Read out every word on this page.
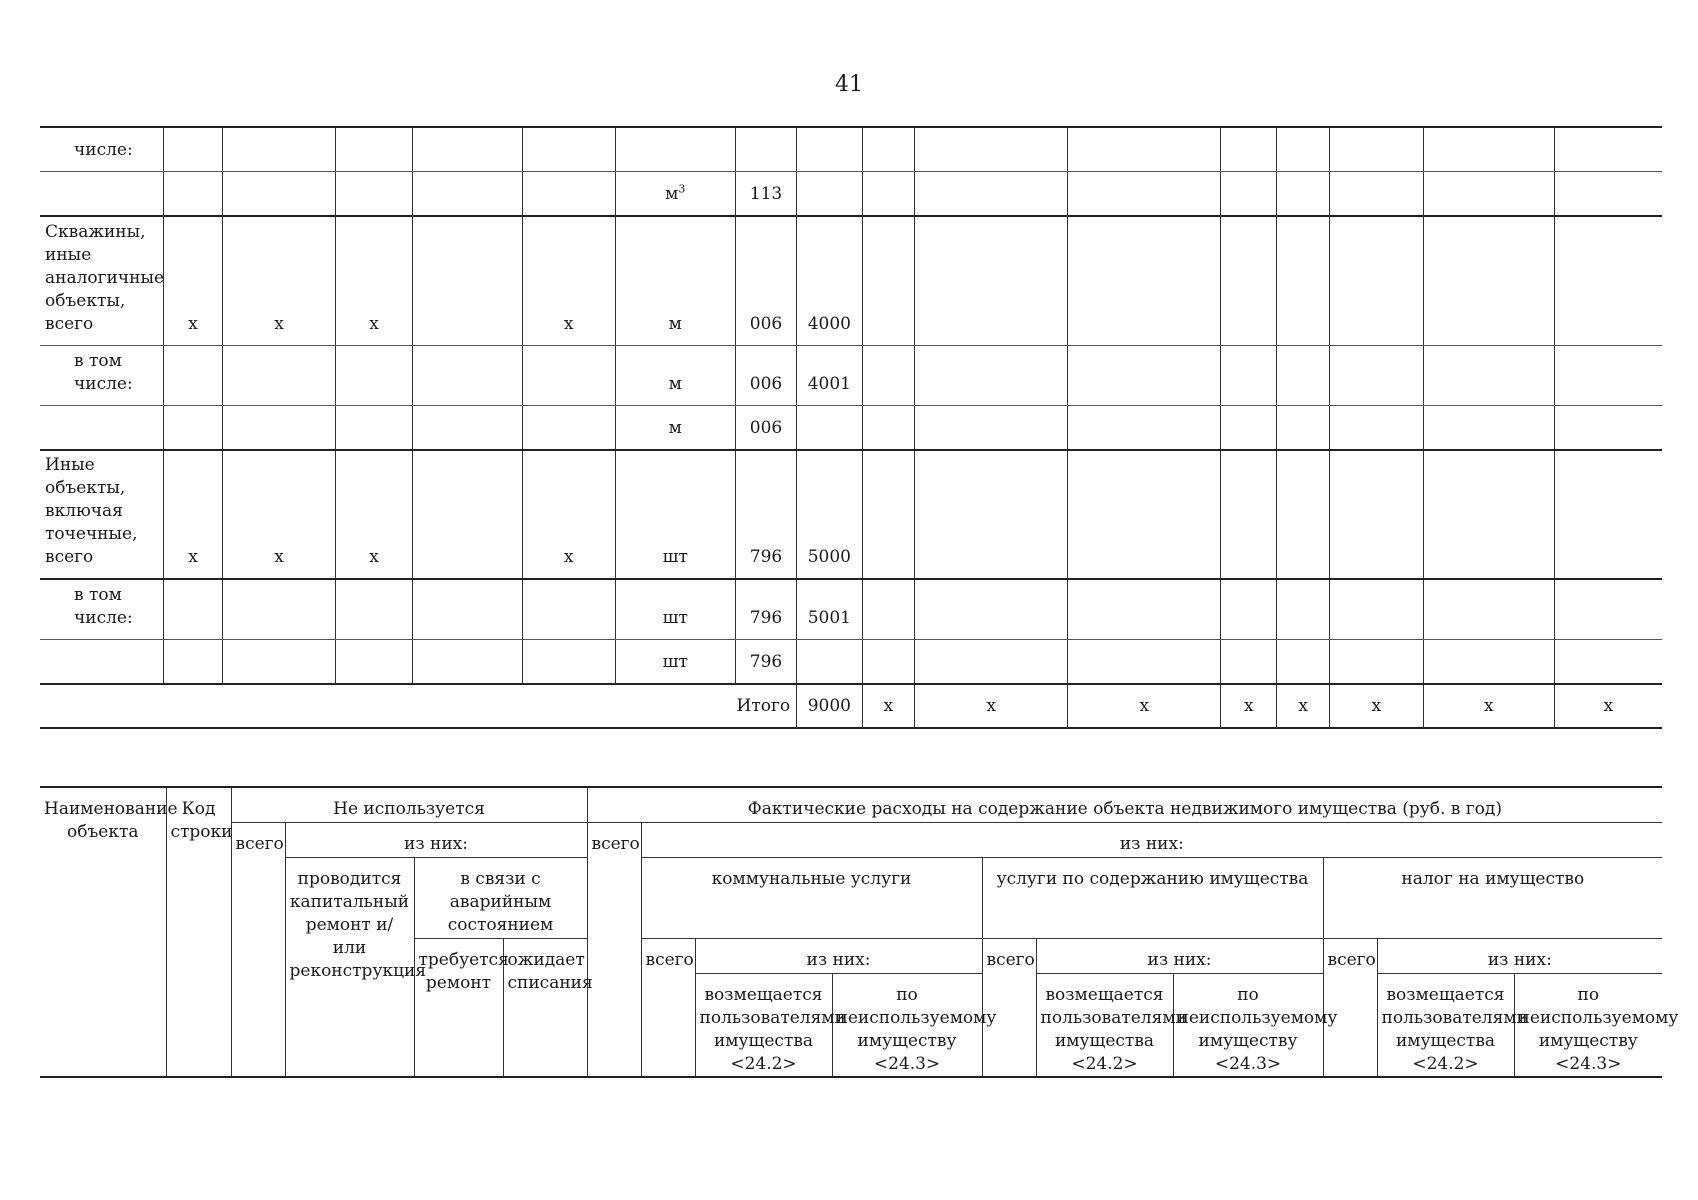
41
числе:																
						$м^3$	113									
Скважины, иные аналогичные объекты, всего	х	х	х		х	м	006	4000								
в том числе:						м	006	4001								
						м	006									
Иные объекты, включая точечные, всего	х	х	х		х	шт	796	5000								
в том числе:						шт	796	5001								
						шт	796									
Итого								9000	х	х	х	х	х	х	х	х
Наименование объекта	Код строки	Не используется				Фактические расходы на содержание объекта недвижимого имущества (руб. в год)									
		всего	из них:			всего	из них:								
			проводится капитальный ремонт и/или реконструкция	в связи с аварийным состоянием			коммунальные услуги			услуги по содержанию имущества			налог на имущество		
				требуется ремонт	ожидает списания		всего	из них:		всего	из них:		всего	из них:	
								возмещается пользователями имущества <24.2>	по неиспользуемому имуществу <24.3>		возмещается пользователями имущества <24.2>	по неиспользуемому имуществу <24.3>		возмещается пользователями имущества <24.2>	по неиспользуемому имуществу <24.3>
